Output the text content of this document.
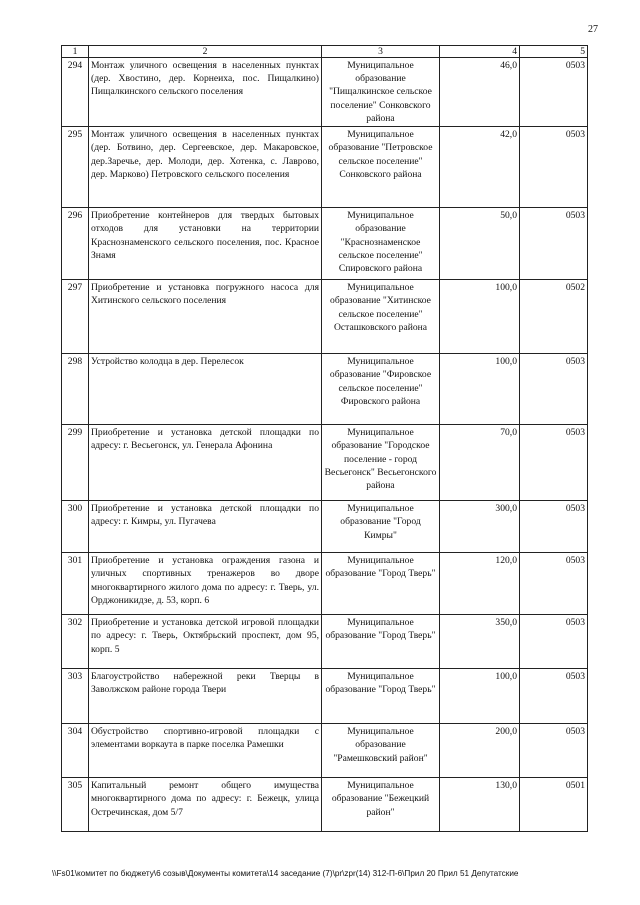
27
1	2	3	4	5
294	Монтаж уличного освещения в населенных пунктах (дер. Хвостино, дер. Корнеиха, пос. Пищалкино) Пищалкинского сельского поселения	Муниципальное образование "Пищалкинское сельское поселение" Сонковского района	46,0	0503
295	Монтаж уличного освещения в населенных пунктах (дер. Ботвино, дер. Сергеевское, дер. Макаровское, дер.Заречье, дер. Молоди, дер. Хотенка, с. Лаврово, дер. Марково) Петровского сельского поселения	Муниципальное образование "Петровское сельское поселение" Сонковского района	42,0	0503
296	Приобретение контейнеров для твердых бытовых отходов для установки на территории Краснознаменского сельского поселения, пос. Красное Знамя	Муниципальное образование "Краснознаменское сельское поселение" Спировского района	50,0	0503
297	Приобретение и установка погружного насоса для Хитинского сельского поселения	Муниципальное образование "Хитинское сельское поселение" Осташковского района	100,0	0502
298	Устройство колодца в дер. Перелесок	Муниципальное образование "Фировское сельское поселение" Фировского района	100,0	0503
299	Приобретение и установка детской площадки по адресу: г. Весьегонск, ул. Генерала Афонина	Муниципальное образование "Городское поселение - город Весьегонск" Весьегонского района	70,0	0503
300	Приобретение и установка детской площадки по адресу: г. Кимры, ул. Пугачева	Муниципальное образование "Город Кимры"	300,0	0503
301	Приобретение и установка ограждения газона и уличных спортивных тренажеров во дворе многоквартирного жилого дома по адресу: г. Тверь, ул. Орджоникидзе, д. 53, корп. 6	Муниципальное образование "Город Тверь"	120,0	0503
302	Приобретение и установка детской игровой площадки по адресу: г. Тверь, Октябрьский проспект, дом 95, корп. 5	Муниципальное образование "Город Тверь"	350,0	0503
303	Благоустройство набережной реки Тверцы в Заволжском районе города Твери	Муниципальное образование "Город Тверь"	100,0	0503
304	Обустройство спортивно-игровой площадки с элементами воркаута в парке поселка Рамешки	Муниципальное образование "Рамешковский район"	200,0	0503
305	Капитальный ремонт общего имущества многоквартирного дома по адресу: г. Бежецк, улица Остречинская, дом 5/7	Муниципальное образование "Бежецкий район"	130,0	0501
\\Fs01\комитет по бюджету\6 созыв\Документы комитета\14 заседание (7)\pr\zpr(14) 312-П-6\Прил 20 Прил 51 Депутатские
